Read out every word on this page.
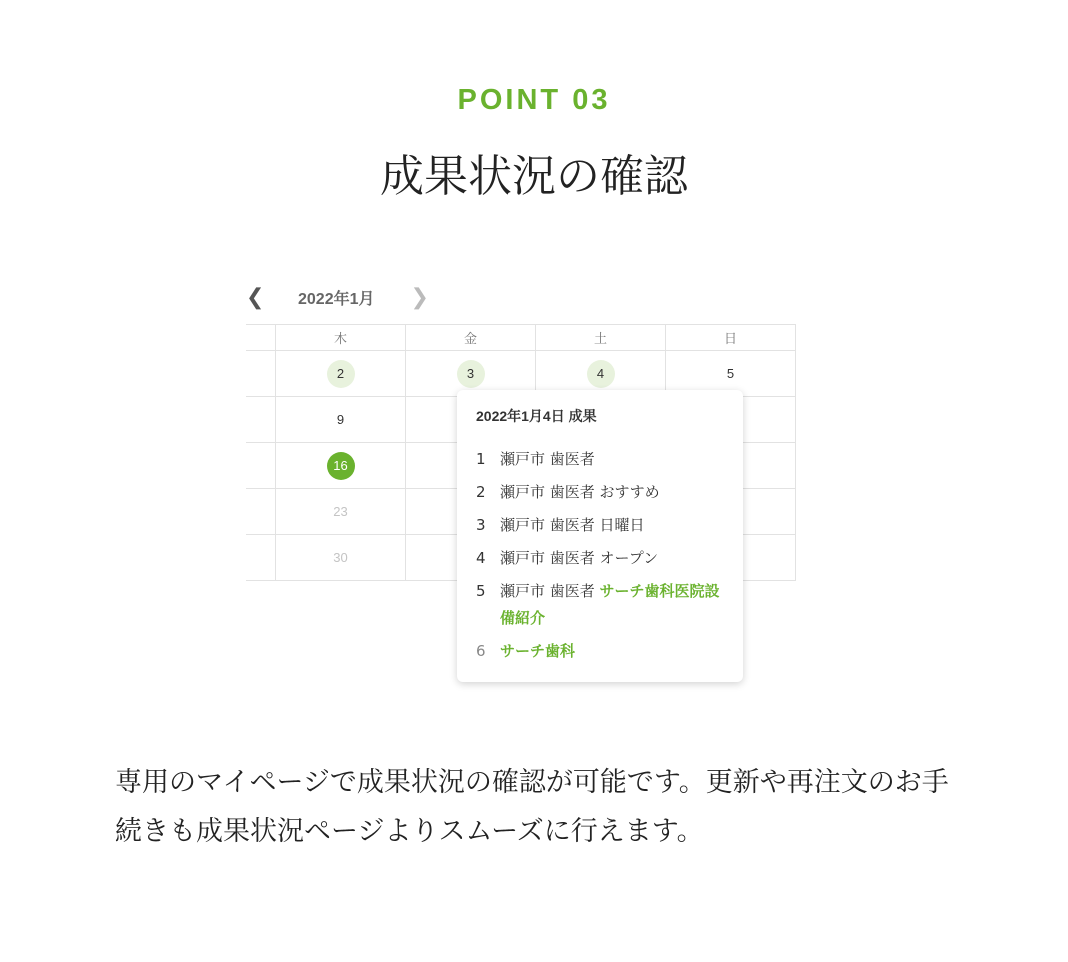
POINT 03
成果状況の確認
❮ 2022年1月 ❯
	木	金	土	日
	2	3	4	5
	9			
	16			
	23			
	30			
2022年1月4日 成果
1 瀬戸市 歯医者
2 瀬戸市 歯医者 おすすめ
3 瀬戸市 歯医者 日曜日
4 瀬戸市 歯医者 オープン
5 瀬戸市 歯医者 サーチ歯科医院設備紹介
6 サーチ歯科
専用のマイページで成果状況の確認が可能です。更新や再注文のお手続きも成果状況ページよりスムーズに行えます。
